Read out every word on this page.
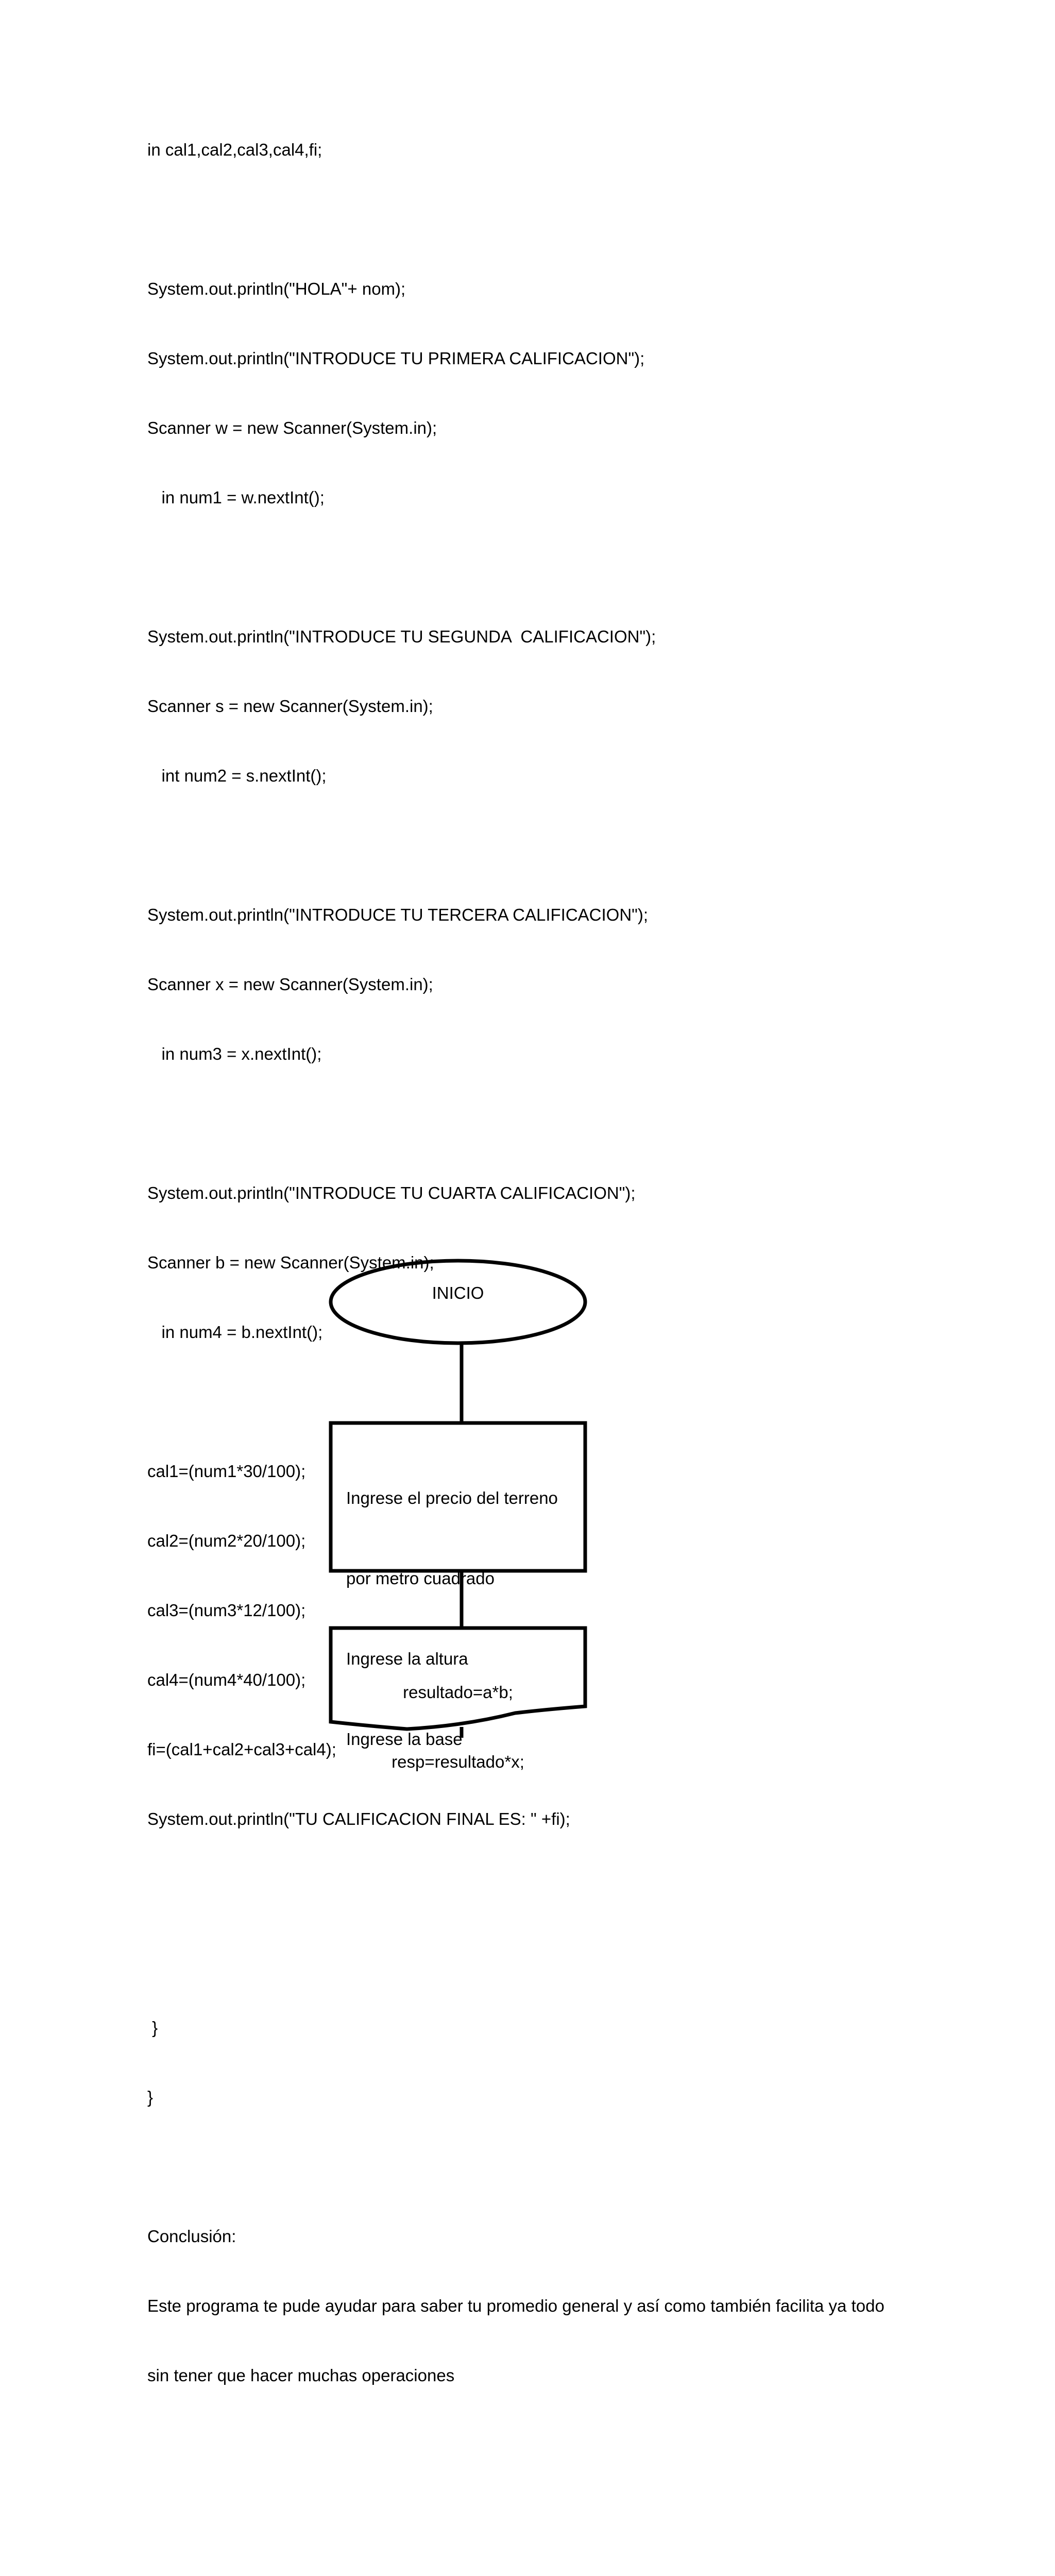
in cal1,cal2,cal3,cal4,fi;

System.out.println("HOLA"+ nom);

System.out.println("INTRODUCE TU PRIMERA CALIFICACION");

Scanner w = new Scanner(System.in);

in num1 = w.nextInt();

System.out.println("INTRODUCE TU SEGUNDA  CALIFICACION");

Scanner s = new Scanner(System.in);

int num2 = s.nextInt();

System.out.println("INTRODUCE TU TERCERA CALIFICACION");

Scanner x = new Scanner(System.in);

in num3 = x.nextInt();

System.out.println("INTRODUCE TU CUARTA CALIFICACION");

Scanner b = new Scanner(System.in);

in num4 = b.nextInt();

cal1=(num1*30/100);

cal2=(num2*20/100);

cal3=(num3*12/100);

cal4=(num4*40/100);

fi=(cal1+cal2+cal3+cal4);

System.out.println("TU CALIFICACION FINAL ES: " +fi);

}

}

Conclusión:

Este programa te pude ayudar para saber tu promedio general y así como también facilita ya todo

sin tener que hacer muchas operaciones

INICIO

Ingrese el precio del terreno

por metro cuadrado

Ingrese la altura

Ingrese la base

resultado=a*b;

resp=resultado*x;
